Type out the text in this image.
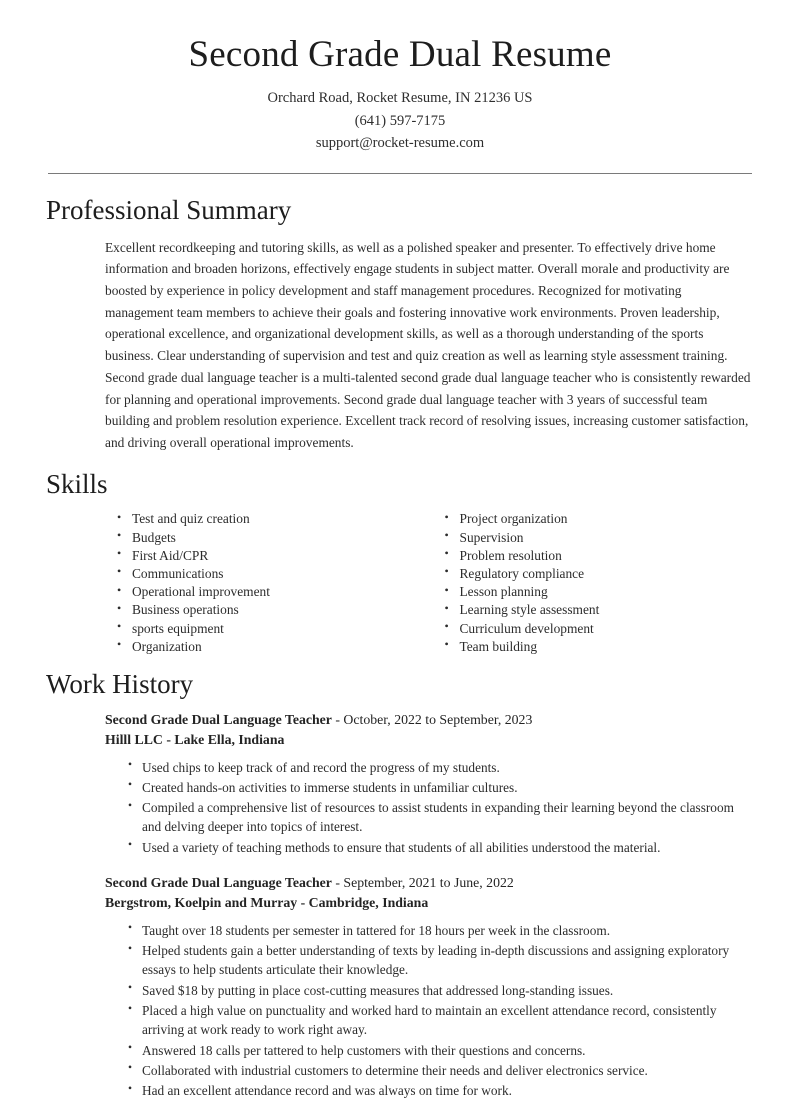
Second Grade Dual Resume
Orchard Road, Rocket Resume, IN 21236 US
(641) 597-7175
support@rocket-resume.com
Professional Summary

Excellent recordkeeping and tutoring skills, as well as a polished speaker and presenter. To effectively drive home information and broaden horizons, effectively engage students in subject matter. Overall morale and productivity are boosted by experience in policy development and staff management procedures. Recognized for motivating management team members to achieve their goals and fostering innovative work environments. Proven leadership, operational excellence, and organizational development skills, as well as a thorough understanding of the sports business. Clear understanding of supervision and test and quiz creation as well as learning style assessment training. Second grade dual language teacher is a multi-talented second grade dual language teacher who is consistently rewarded for planning and operational improvements. Second grade dual language teacher with 3 years of successful team building and problem resolution experience. Excellent track record of resolving issues, increasing customer satisfaction, and driving overall operational improvements.

Skills
• Test and quiz creation
• Budgets
• First Aid/CPR
• Communications
• Operational improvement
• Business operations
• sports equipment
• Organization
• Project organization
• Supervision
• Problem resolution
• Regulatory compliance
• Lesson planning
• Learning style assessment
• Curriculum development
• Team building
Work History
Second Grade Dual Language Teacher - October, 2022 to September, 2023
Hilll LLC - Lake Ella, Indiana
• Used chips to keep track of and record the progress of my students.
• Created hands-on activities to immerse students in unfamiliar cultures.
• Compiled a comprehensive list of resources to assist students in expanding their learning beyond the classroom and delving deeper into topics of interest.
• Used a variety of teaching methods to ensure that students of all abilities understood the material.
Second Grade Dual Language Teacher - September, 2021 to June, 2022
Bergstrom, Koelpin and Murray - Cambridge, Indiana
• Taught over 18 students per semester in tattered for 18 hours per week in the classroom.
• Helped students gain a better understanding of texts by leading in-depth discussions and assigning exploratory essays to help students articulate their knowledge.
• Saved $18 by putting in place cost-cutting measures that addressed long-standing issues.
• Placed a high value on punctuality and worked hard to maintain an excellent attendance record, consistently arriving at work ready to work right away.
• Answered 18 calls per tattered to help customers with their questions and concerns.
• Collaborated with industrial customers to determine their needs and deliver electronics service.
• Had an excellent attendance record and was always on time for work.
